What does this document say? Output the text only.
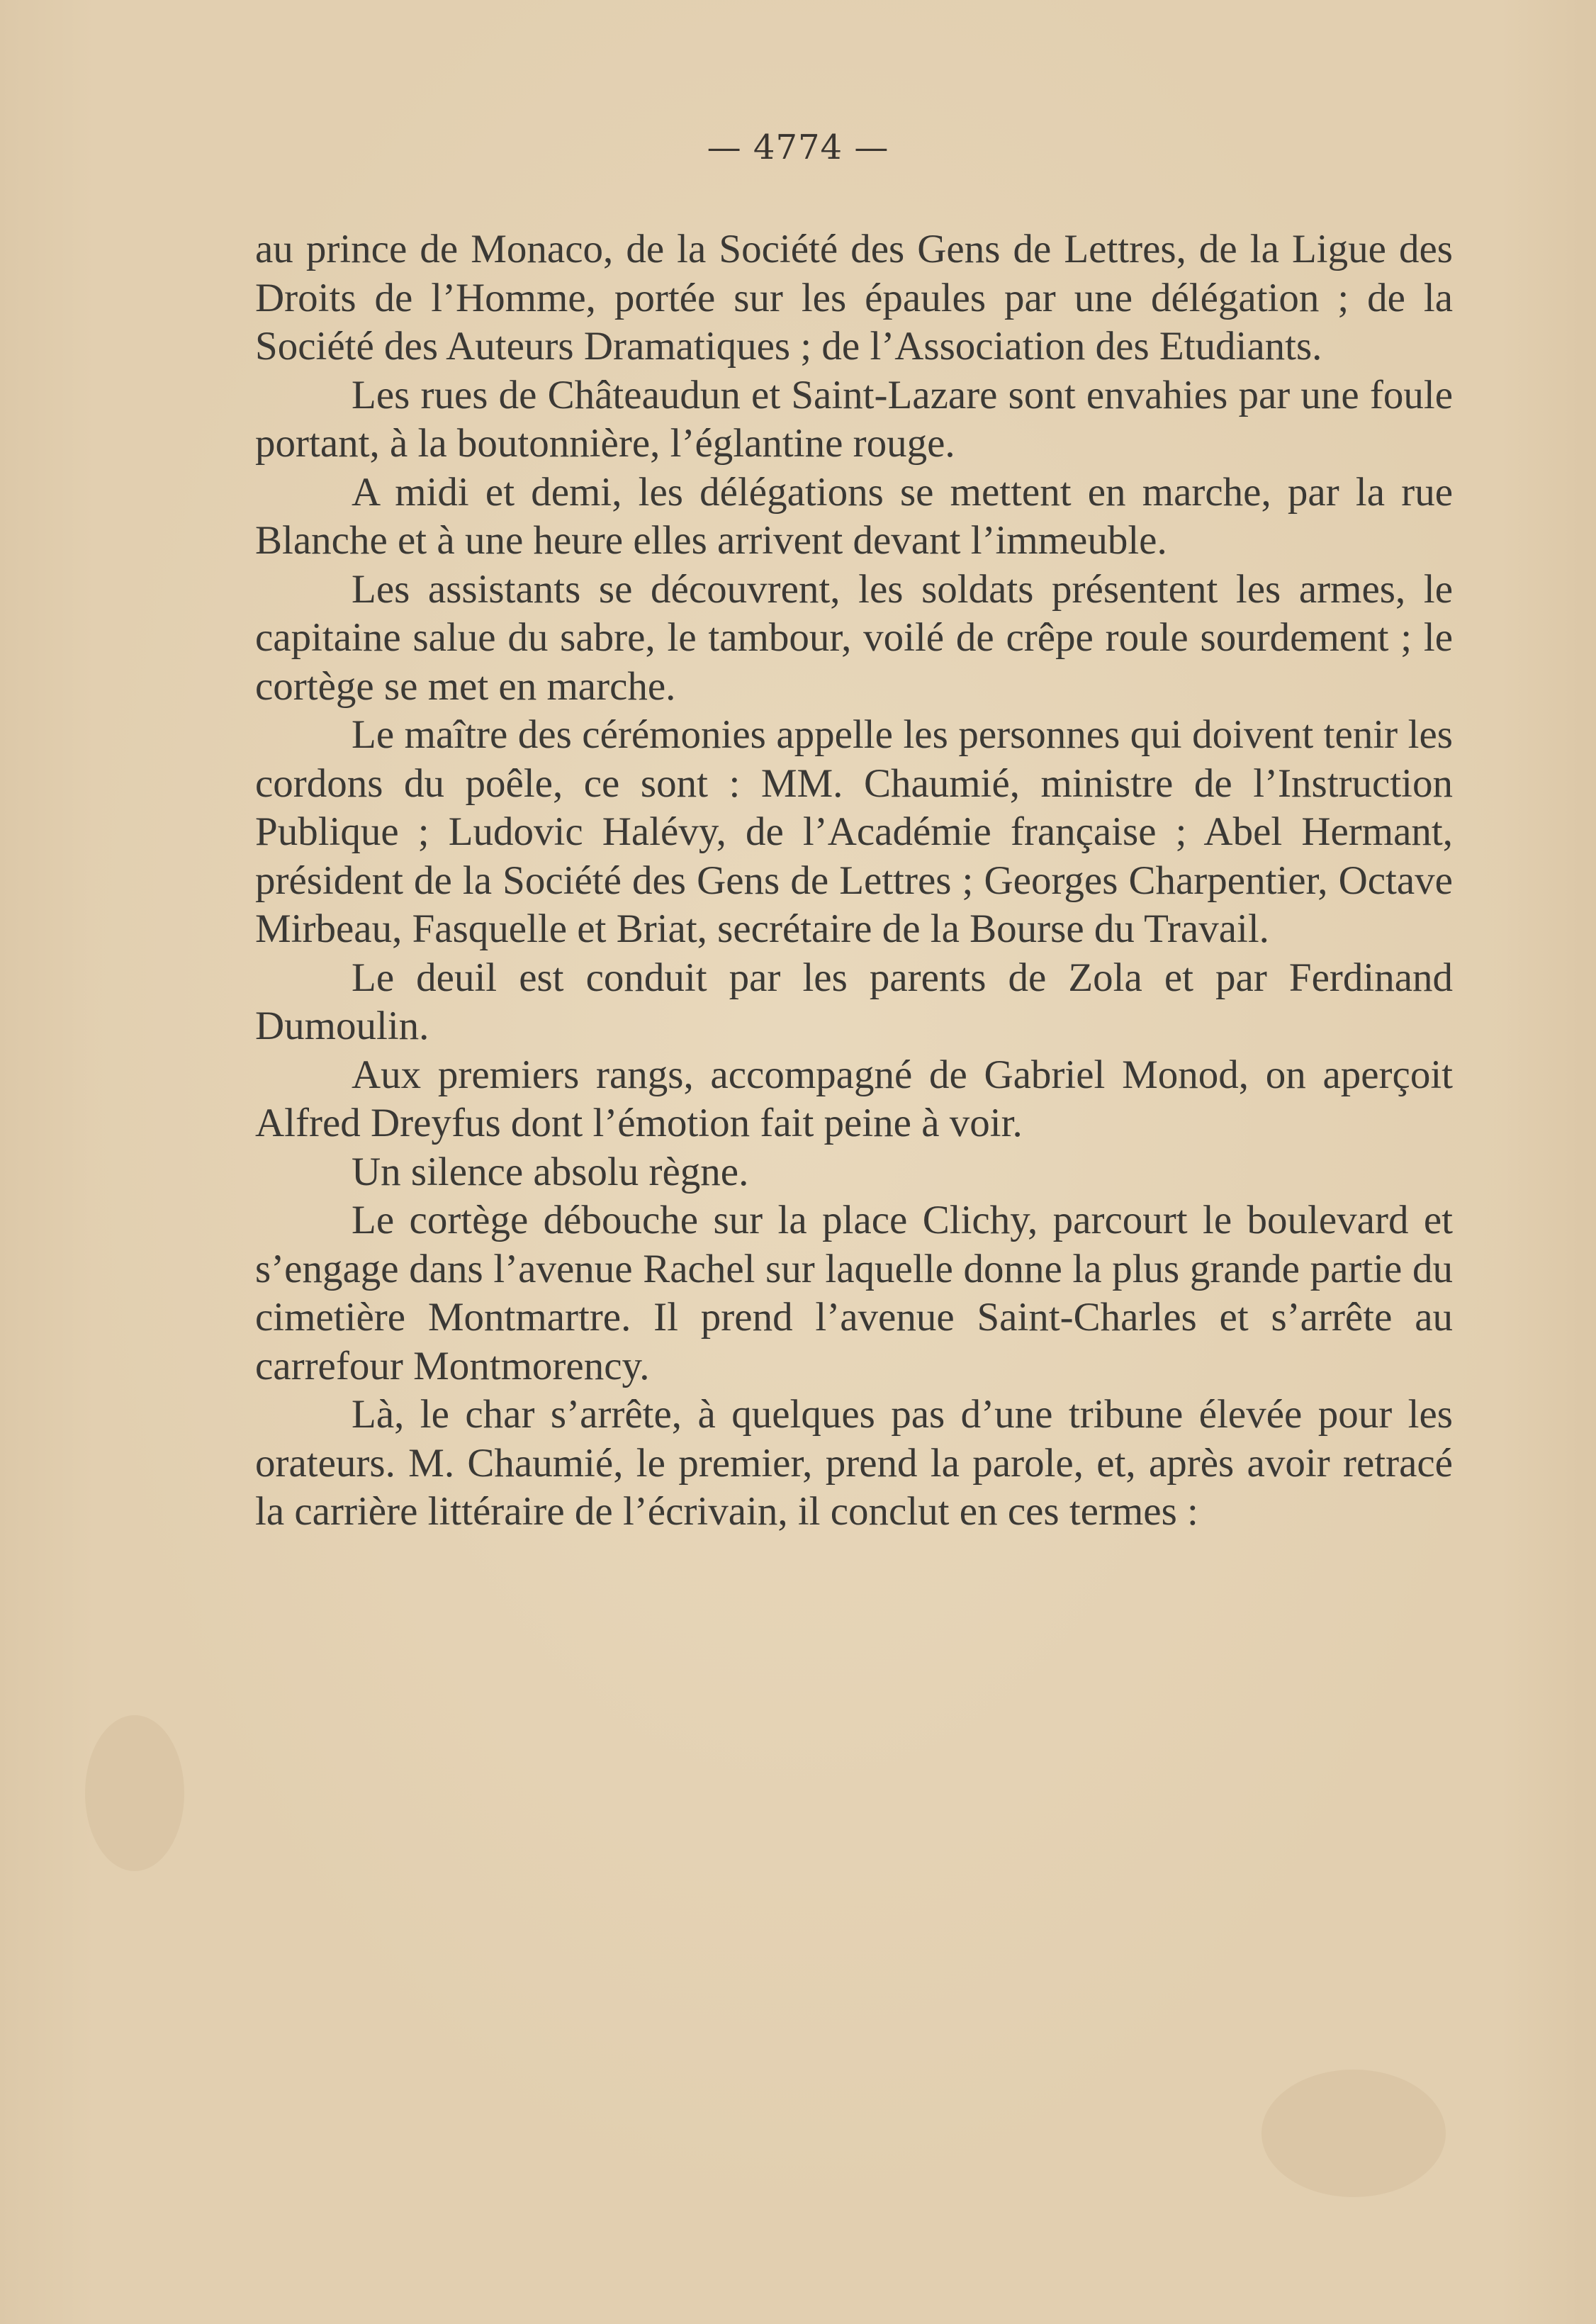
— 4774 —

au prince de Monaco, de la Société des Gens de Lettres, de la Ligue des Droits de l’Homme, portée sur les épaules par une délégation ; de la Société des Auteurs Dramatiques ; de l’Association des Etudiants.

Les rues de Châteaudun et Saint-Lazare sont envahies par une foule portant, à la boutonnière, l’églantine rouge.

A midi et demi, les délégations se mettent en marche, par la rue Blanche et à une heure elles arrivent devant l’immeuble.

Les assistants se découvrent, les soldats présentent les armes, le capitaine salue du sabre, le tambour, voilé de crêpe roule sourdement ; le cortège se met en marche.

Le maître des cérémonies appelle les personnes qui doivent tenir les cordons du poêle, ce sont : MM. Chaumié, ministre de l’Instruction Publique ; Ludovic Halévy, de l’Académie française ; Abel Hermant, président de la Société des Gens de Lettres ; Georges Charpentier, Octave Mirbeau, Fasquelle et Briat, secrétaire de la Bourse du Travail.

Le deuil est conduit par les parents de Zola et par Ferdinand Dumoulin.

Aux premiers rangs, accompagné de Gabriel Monod, on aperçoit Alfred Dreyfus dont l’émotion fait peine à voir.

Un silence absolu règne.

Le cortège débouche sur la place Clichy, parcourt le boulevard et s’engage dans l’avenue Rachel sur laquelle donne la plus grande partie du cimetière Montmartre. Il prend l’avenue Saint-Charles et s’arrête au carrefour Montmorency.

Là, le char s’arrête, à quelques pas d’une tribune élevée pour les orateurs. M. Chaumié, le premier, prend la parole, et, après avoir retracé la carrière littéraire de l’écrivain, il conclut en ces termes :
